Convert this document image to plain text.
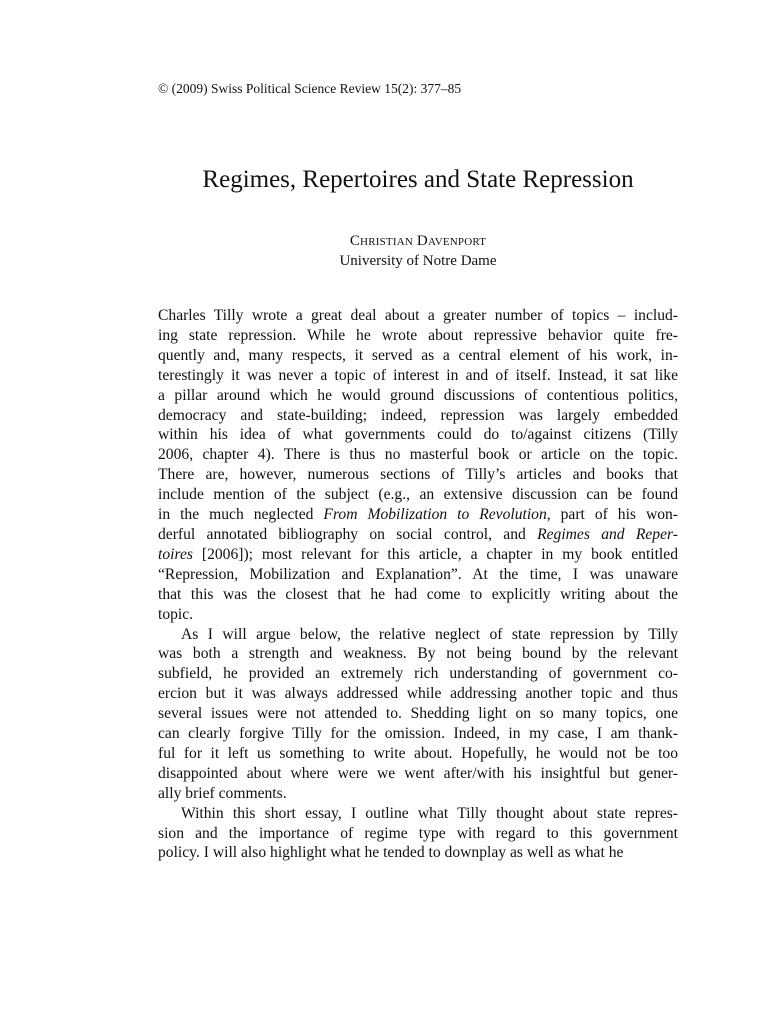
© (2009) Swiss Political Science Review 15(2): 377–85
Regimes, Repertoires and State Repression
Christian Davenport
University of Notre Dame
Charles Tilly wrote a great deal about a greater number of topics – includ-
ing state repression. While he wrote about repressive behavior quite fre-
quently and, many respects, it served as a central element of his work, in-
terestingly it was never a topic of interest in and of itself. Instead, it sat like
a pillar around which he would ground discussions of contentious politics,
democracy and state-building; indeed, repression was largely embedded
within his idea of what governments could do to/against citizens (Tilly
2006, chapter 4). There is thus no masterful book or article on the topic.
There are, however, numerous sections of Tilly’s articles and books that
include mention of the subject (e.g., an extensive discussion can be found
in the much neglected From Mobilization to Revolution, part of his won-
derful annotated bibliography on social control, and Regimes and Reper-
toires [2006]); most relevant for this article, a chapter in my book entitled
“Repression, Mobilization and Explanation”. At the time, I was unaware
that this was the closest that he had come to explicitly writing about the
topic.
As I will argue below, the relative neglect of state repression by Tilly
was both a strength and weakness. By not being bound by the relevant
subfield, he provided an extremely rich understanding of government co-
ercion but it was always addressed while addressing another topic and thus
several issues were not attended to. Shedding light on so many topics, one
can clearly forgive Tilly for the omission. Indeed, in my case, I am thank-
ful for it left us something to write about. Hopefully, he would not be too
disappointed about where were we went after/with his insightful but gener-
ally brief comments.
Within this short essay, I outline what Tilly thought about state repres-
sion and the importance of regime type with regard to this government
policy. I will also highlight what he tended to downplay as well as what he
